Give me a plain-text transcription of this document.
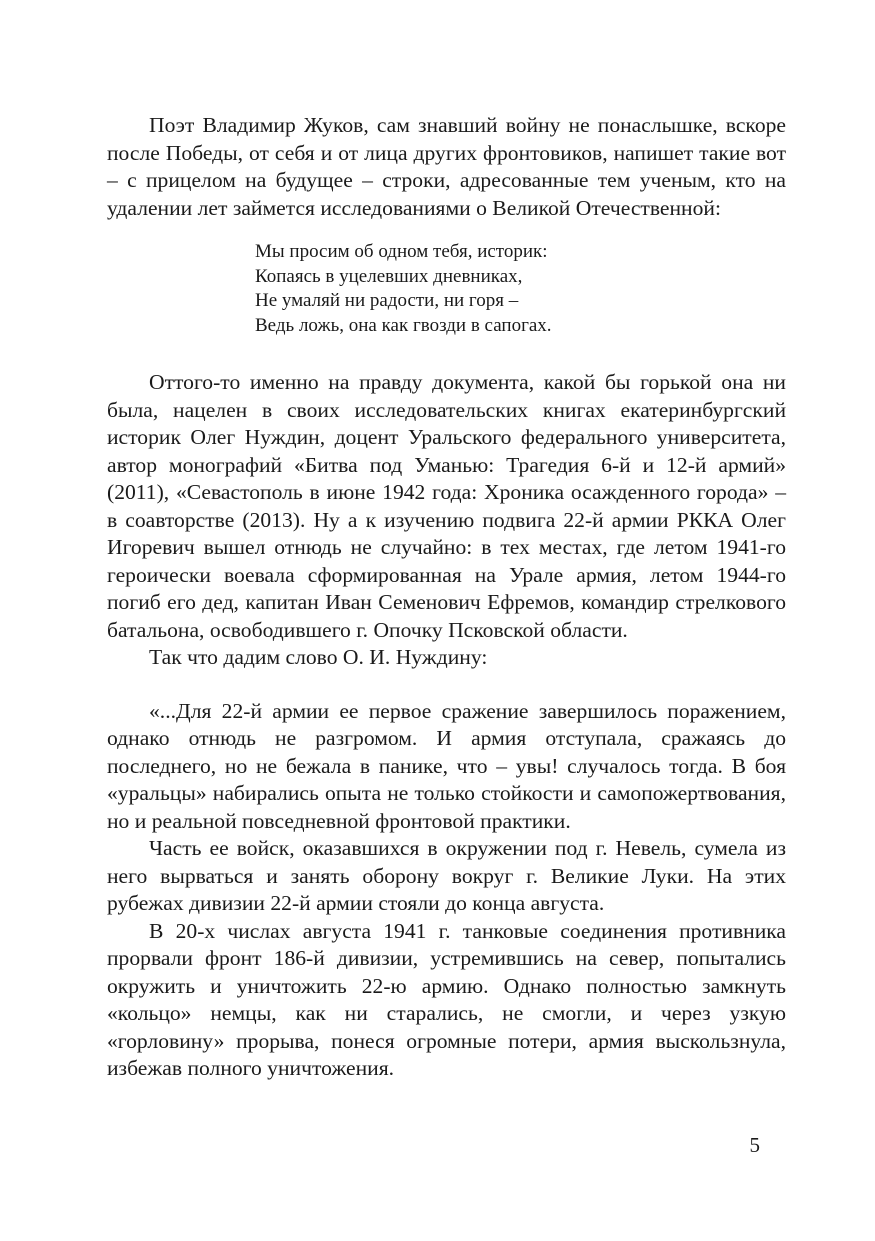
Поэт Владимир Жуков, сам знавший войну не понаслышке, вскоре после Победы, от себя и от лица других фронтовиков, напишет такие вот – с прицелом на будущее – строки, адресованные тем ученым, кто на удалении лет займется исследованиями о Великой Отечественной:

Мы просим об одном тебя, историк:
Копаясь в уцелевших дневниках,
Не умаляй ни радости, ни горя –
Ведь ложь, она как гвозди в сапогах.

Оттого-то именно на правду документа, какой бы горькой она ни была, нацелен в своих исследовательских книгах екатеринбургский историк Олег Нуждин, доцент Уральского федерального университета, автор монографий «Битва под Уманью: Трагедия 6-й и 12-й армий» (2011), «Севастополь в июне 1942 года: Хроника осажденного города» – в соавторстве (2013). Ну а к изучению подвига 22-й армии РККА Олег Игоревич вышел отнюдь не случайно: в тех местах, где летом 1941-го героически воевала сформированная на Урале армия, летом 1944-го погиб его дед, капитан Иван Семенович Ефремов, командир стрелкового батальона, освободившего г. Опочку Псковской области.

Так что дадим слово О. И. Нуждину:

«...Для 22-й армии ее первое сражение завершилось поражением, однако отнюдь не разгромом. И армия отступала, сражаясь до последнего, но не бежала в панике, что – увы! случалось тогда. В боя «уральцы» набирались опыта не только стойкости и самопожертвования, но и реальной повседневной фронтовой практики.

Часть ее войск, оказавшихся в окружении под г. Невель, сумела из него вырваться и занять оборону вокруг г. Великие Луки. На этих рубежах дивизии 22-й армии стояли до конца августа.

В 20-х числах августа 1941 г. танковые соединения противника прорвали фронт 186-й дивизии, устремившись на север, попытались окружить и уничтожить 22-ю армию. Однако полностью замкнуть «кольцо» немцы, как ни старались, не смогли, и через узкую «горловину» прорыва, понеся огромные потери, армия выскользнула, избежав полного уничтожения.

5
